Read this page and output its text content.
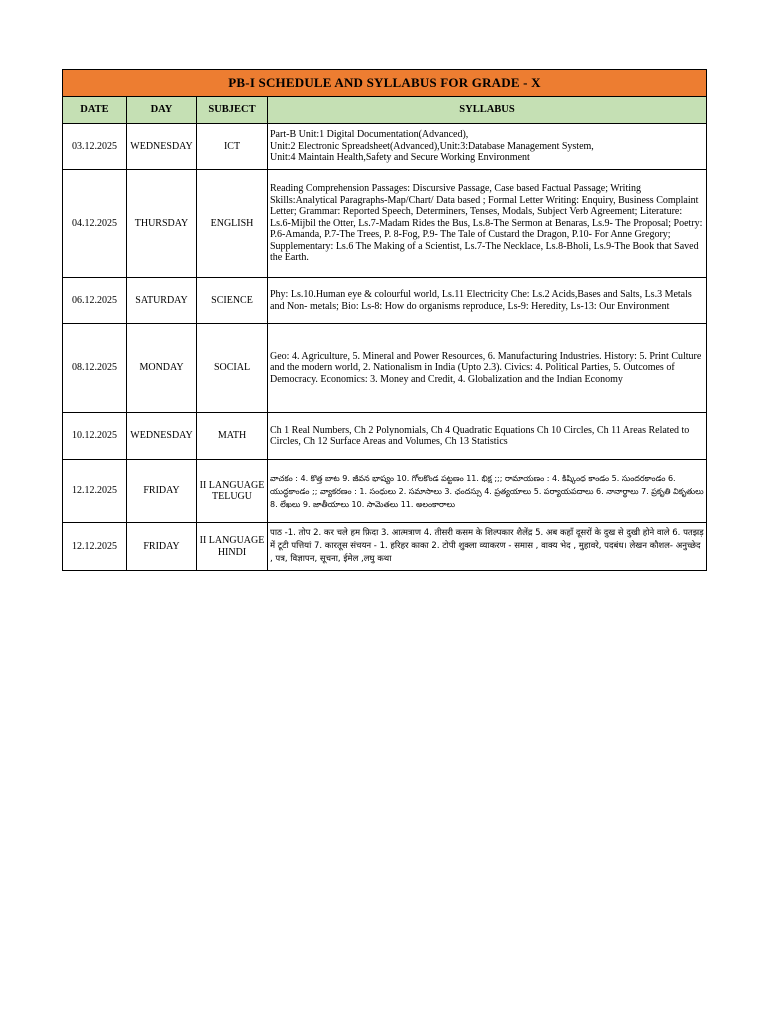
PB-I SCHEDULE AND SYLLABUS FOR GRADE - X			
DATE	DAY	SUBJECT	SYLLABUS
03.12.2025	WEDNESDAY	ICT	Part-B Unit:1 Digital Documentation(Advanced),
Unit:2 Electronic Spreadsheet(Advanced),Unit:3:Database Management System,
Unit:4 Maintain Health,Safety and Secure Working Environment

04.12.2025	THURSDAY	ENGLISH	Reading Comprehension Passages: Discursive Passage, Case based Factual Passage; Writing Skills:Analytical Paragraphs-Map/Chart/ Data based ; Formal Letter Writing: Enquiry, Business Complaint Letter; Grammar: Reported Speech, Determiners, Tenses, Modals, Subject Verb Agreement; Literature: Ls.6-Mijbil the Otter, Ls.7-Madam Rides the Bus, Ls.8-The Sermon at Benaras, Ls.9- The Proposal; Poetry: P.6-Amanda, P.7-The Trees, P. 8-Fog, P.9- The Tale of Custard the Dragon, P.10- For Anne Gregory; Supplementary: Ls.6 The Making of a Scientist, Ls.7-The Necklace, Ls.8-Bholi, Ls.9-The Book that Saved the Earth.

06.12.2025	SATURDAY	SCIENCE	Phy: Ls.10.Human eye & colourful world, Ls.11 Electricity Che: Ls.2 Acids,Bases and Salts, Ls.3 Metals and Non- metals; Bio: Ls-8: How do organisms reproduce, Ls-9: Heredity, Ls-13: Our Environment

08.12.2025	MONDAY	SOCIAL	Geo: 4. Agriculture, 5. Mineral and Power Resources, 6. Manufacturing Industries. History: 5. Print Culture and the modern world, 2. Nationalism in India (Upto 2.3). Civics: 4. Political Parties, 5. Outcomes of Democracy. Economics: 3. Money and Credit, 4. Globalization and the Indian Economy

10.12.2025	WEDNESDAY	MATH	Ch 1 Real Numbers, Ch 2 Polynomials, Ch 4 Quadratic Equations Ch 10 Circles, Ch 11 Areas Related to Circles, Ch 12 Surface Areas and Volumes, Ch 13 Statistics

12.12.2025	FRIDAY	II LANGUAGE TELUGU	వాచకం : 4. కొత్త బాట 9. జీవన భాష్యం 10. గోలకొండ పట్టణం 11. భిక్ష ;;; రామాయణం : 4. కిష్కింధ కాండం 5. సుందరకాండం 6. యుద్ధకాండం ;; వ్యాకరణం : 1. సంధులు 2. సమాసాలు 3. ఛందస్సు 4. ప్రత్యయాలు 5. పర్యాయపదాలు 6. నానార్థాలు 7. ప్రకృతి వికృతులు 8. లేఖలు 9. జాతీయాలు 10. సామెతలు 11. అలంకారాలు

12.12.2025	FRIDAY	II LANGUAGE HINDI	पाठ -1. तोप 2. कर चले हम फ़िदा 3. आत्मत्राण 4. तीसरी कसम के शिल्पकार शैलेंद्र 5. अब कहाँ दूसरों के दुख से दुखी होने वाले 6. पतझड़ में टूटी पत्तियां 7. कारतूस संचयन - 1. हरिहर काका 2. टोपी शुक्ला व्याकरण - समास , वाक्य भेद , मुहावरे, पदबंध। लेखन कौशल- अनुच्छेद , पत्र, विज्ञापन, सूचना, ईमेल ,लघु कथा
